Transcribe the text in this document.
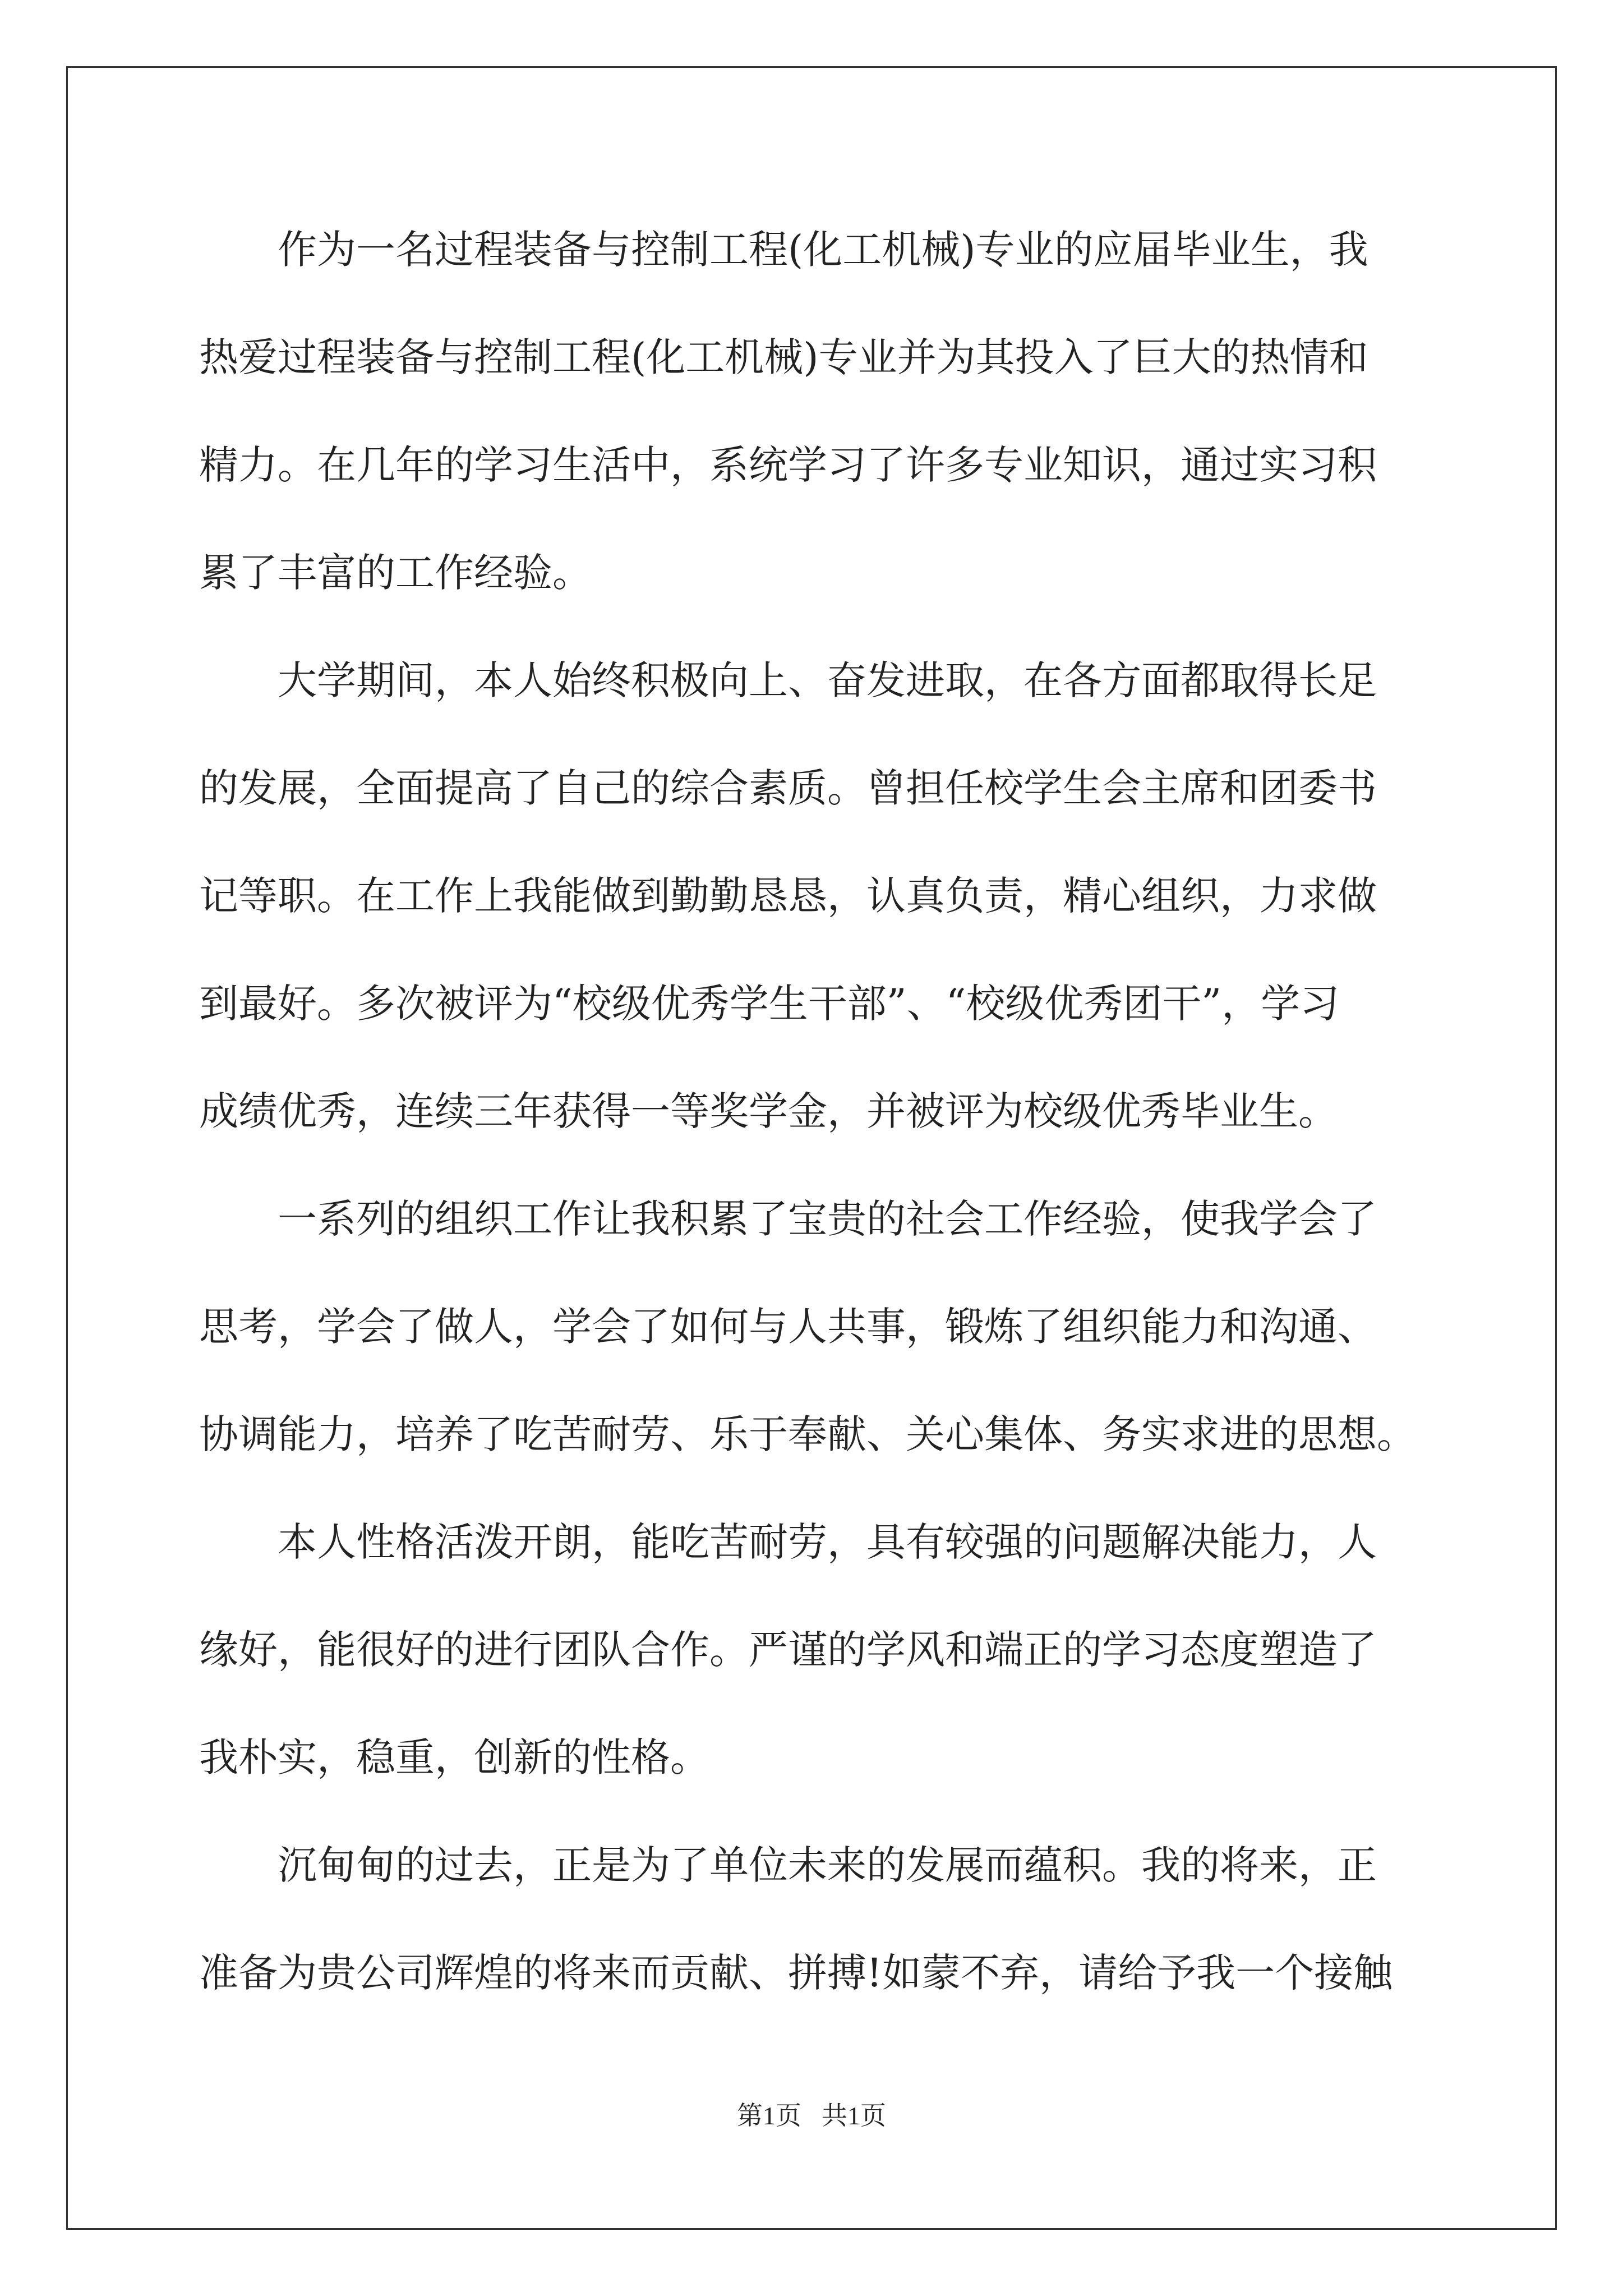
　　作为一名过程装备与控制工程(化工机械)专业的应届毕业生，我
热爱过程装备与控制工程(化工机械)专业并为其投入了巨大的热情和
精力。在几年的学习生活中，系统学习了许多专业知识，通过实习积
累了丰富的工作经验。
　　大学期间，本人始终积极向上、奋发进取，在各方面都取得长足
的发展，全面提高了自己的综合素质。曾担任校学生会主席和团委书
记等职。在工作上我能做到勤勤恳恳，认真负责，精心组织，力求做
到最好。多次被评为“校级优秀学生干部”、“校级优秀团干”，学习
成绩优秀，连续三年获得一等奖学金，并被评为校级优秀毕业生。
　　一系列的组织工作让我积累了宝贵的社会工作经验，使我学会了
思考，学会了做人，学会了如何与人共事，锻炼了组织能力和沟通、
协调能力，培养了吃苦耐劳、乐于奉献、关心集体、务实求进的思想。
　　本人性格活泼开朗，能吃苦耐劳，具有较强的问题解决能力，人
缘好，能很好的进行团队合作。严谨的学风和端正的学习态度塑造了
我朴实，稳重，创新的性格。
　　沉甸甸的过去，正是为了单位未来的发展而蕴积。我的将来，正
准备为贵公司辉煌的将来而贡献、拼搏!如蒙不弃，请给予我一个接触
第1页 共1页
